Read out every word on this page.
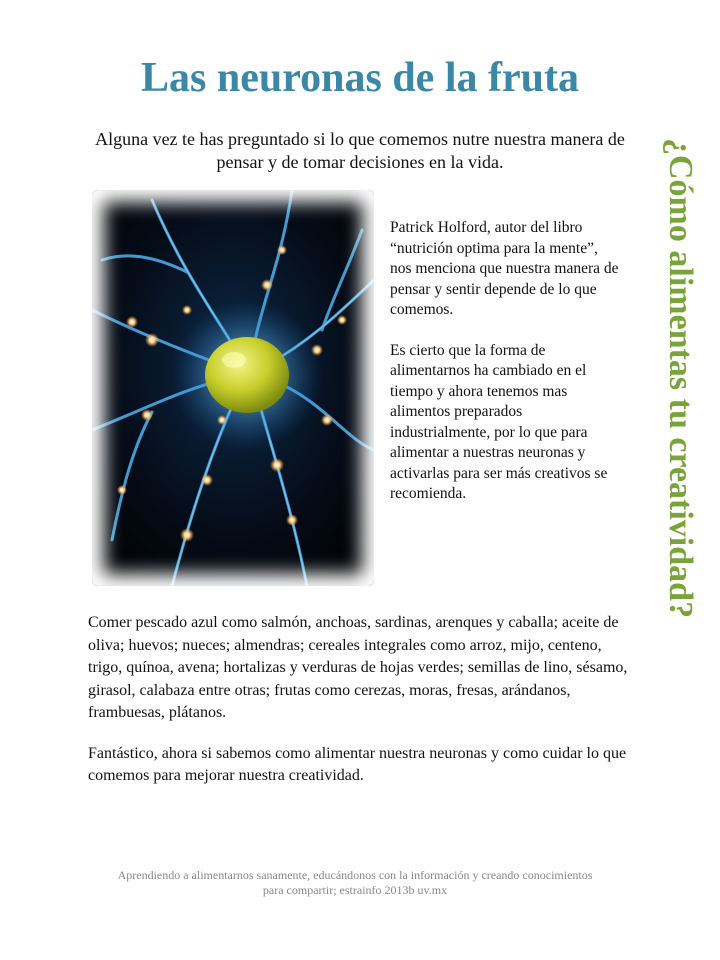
Las neuronas de la fruta
Alguna vez te has preguntado si lo que comemos nutre nuestra manera de pensar y de tomar decisiones en la vida.	¿Cómo alimentas tu creatividad?

Patrick Holford, autor del libro “nutrición optima para la mente”, nos menciona que nuestra manera de pensar y sentir depende de lo que comemos.

Es cierto que la forma de alimentarnos ha cambiado en el tiempo y ahora tenemos mas alimentos preparados industrialmente, por lo que para alimentar a nuestras neuronas y activarlas para ser más creativos se recomienda.

Comer pescado azul como salmón, anchoas, sardinas, arenques y caballa; aceite de oliva; huevos; nueces; almendras; cereales integrales como arroz, mijo, centeno, trigo, quínoa, avena; hortalizas y verduras de hojas verdes; semillas de lino, sésamo, girasol, calabaza entre otras; frutas como cerezas, moras, fresas, arándanos, frambuesas, plátanos.

Fantástico, ahora si sabemos como alimentar nuestra neuronas y como cuidar lo que comemos para mejorar nuestra creatividad.

Aprendiendo a alimentarnos sanamente, educándonos con la información y creando conocimientos para compartir; estrainfo 2013b uv.mx
